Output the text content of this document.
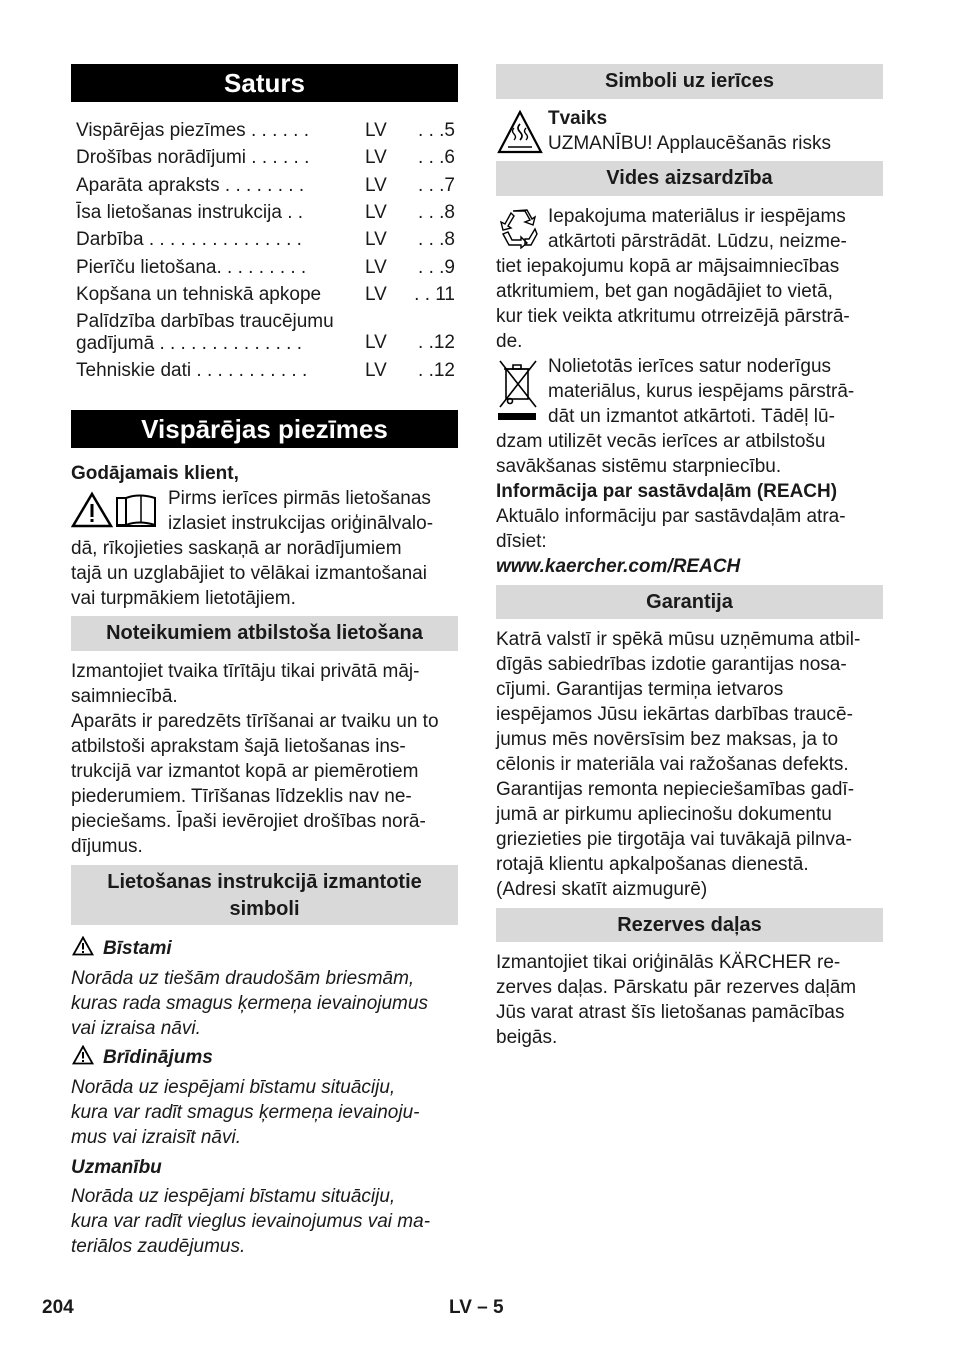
Saturs
Vispārējas piezīmes . . . . . .	LV	. . .5
Drošības norādījumi . . . . . .	LV	. . .6
Aparāta apraksts . . . . . . . .	LV	. . .7
Īsa lietošanas instrukcija . .	LV	. . .8
Darbība . . . . . . . . . . . . . . .	LV	. . .8
Pierīču lietošana. . . . . . . . .	LV	. . .9
Kopšana un tehniskā apkope	LV . . 11
Palīdzība darbības traucējumu gadījumā . . . . . . . . . . . . . .	LV	. .12
Tehniskie dati . . . . . . . . . . .	LV	. .12
Vispārējas piezīmes
Godājamais klient,
Pirms ierīces pirmās lietošanas
izlasiet instrukcijas oriģinālvalo-
dā, rīkojieties saskaņā ar norādījumiem
tajā un uzglabājiet to vēlākai izmantošanai
vai turpmākiem lietotājiem.
Noteikumiem atbilstoša lietošana
Izmantojiet tvaika tīrītāju tikai privātā māj-
saimniecībā.
Aparāts ir paredzēts tīrīšanai ar tvaiku un to
atbilstoši aprakstam šajā lietošanas ins-
trukcijā var izmantot kopā ar piemērotiem
piederumiem. Tīrīšanas līdzeklis nav ne-
pieciešams. Īpaši ievērojiet drošības norā-
dījumus.
Lietošanas instrukcijā izmantotie
simboli
Bīstami
Norāda uz tiešām draudošām briesmām,
kuras rada smagus ķermeņa ievainojumus
vai izraisa nāvi.
Brīdinājums
Norāda uz iespējami bīstamu situāciju,
kura var radīt smagus ķermeņa ievainoju-
mus vai izraisīt nāvi.
Uzmanību
Norāda uz iespējami bīstamu situāciju,
kura var radīt vieglus ievainojumus vai ma-
teriālos zaudējumus.
Simboli uz ierīces
Tvaiks
UZMANĪBU! Applaucēšanās risks
Vides aizsardzība
Iepakojuma materiālus ir iespējams
atkārtoti pārstrādāt. Lūdzu, neizme-
tiet iepakojumu kopā ar mājsaimniecības
atkritumiem, bet gan nogādājiet to vietā,
kur tiek veikta atkritumu otrreizējā pārstrā-
de.
Nolietotās ierīces satur noderīgus
materiālus, kurus iespējams pārstrā-
dāt un izmantot atkārtoti. Tādēļ lū-
dzam utilizēt vecās ierīces ar atbilstošu
savākšanas sistēmu starpniecību.
Informācija par sastāvdaļām (REACH)
Aktuālo informāciju par sastāvdaļām atra-
dīsiet:
www.kaercher.com/REACH
Garantija
Katrā valstī ir spēkā mūsu uzņēmuma atbil-
dīgās sabiedrības izdotie garantijas nosa-
cījumi. Garantijas termiņa ietvaros
iespējamos Jūsu iekārtas darbības traucē-
jumus mēs novērsīsim bez maksas, ja to
cēlonis ir materiāla vai ražošanas defekts.
Garantijas remonta nepieciešamības gadī-
jumā ar pirkumu apliecinošu dokumentu
griezieties pie tirgotāja vai tuvākajā pilnva-
rotajā klientu apkalpošanas dienestā.
(Adresi skatīt aizmugurē)
Rezerves daļas
Izmantojiet tikai oriģinālās KÄRCHER re-
zerves daļas. Pārskatu pār rezerves daļām
Jūs varat atrast šīs lietošanas pamācības
beigās.
204	LV – 5
